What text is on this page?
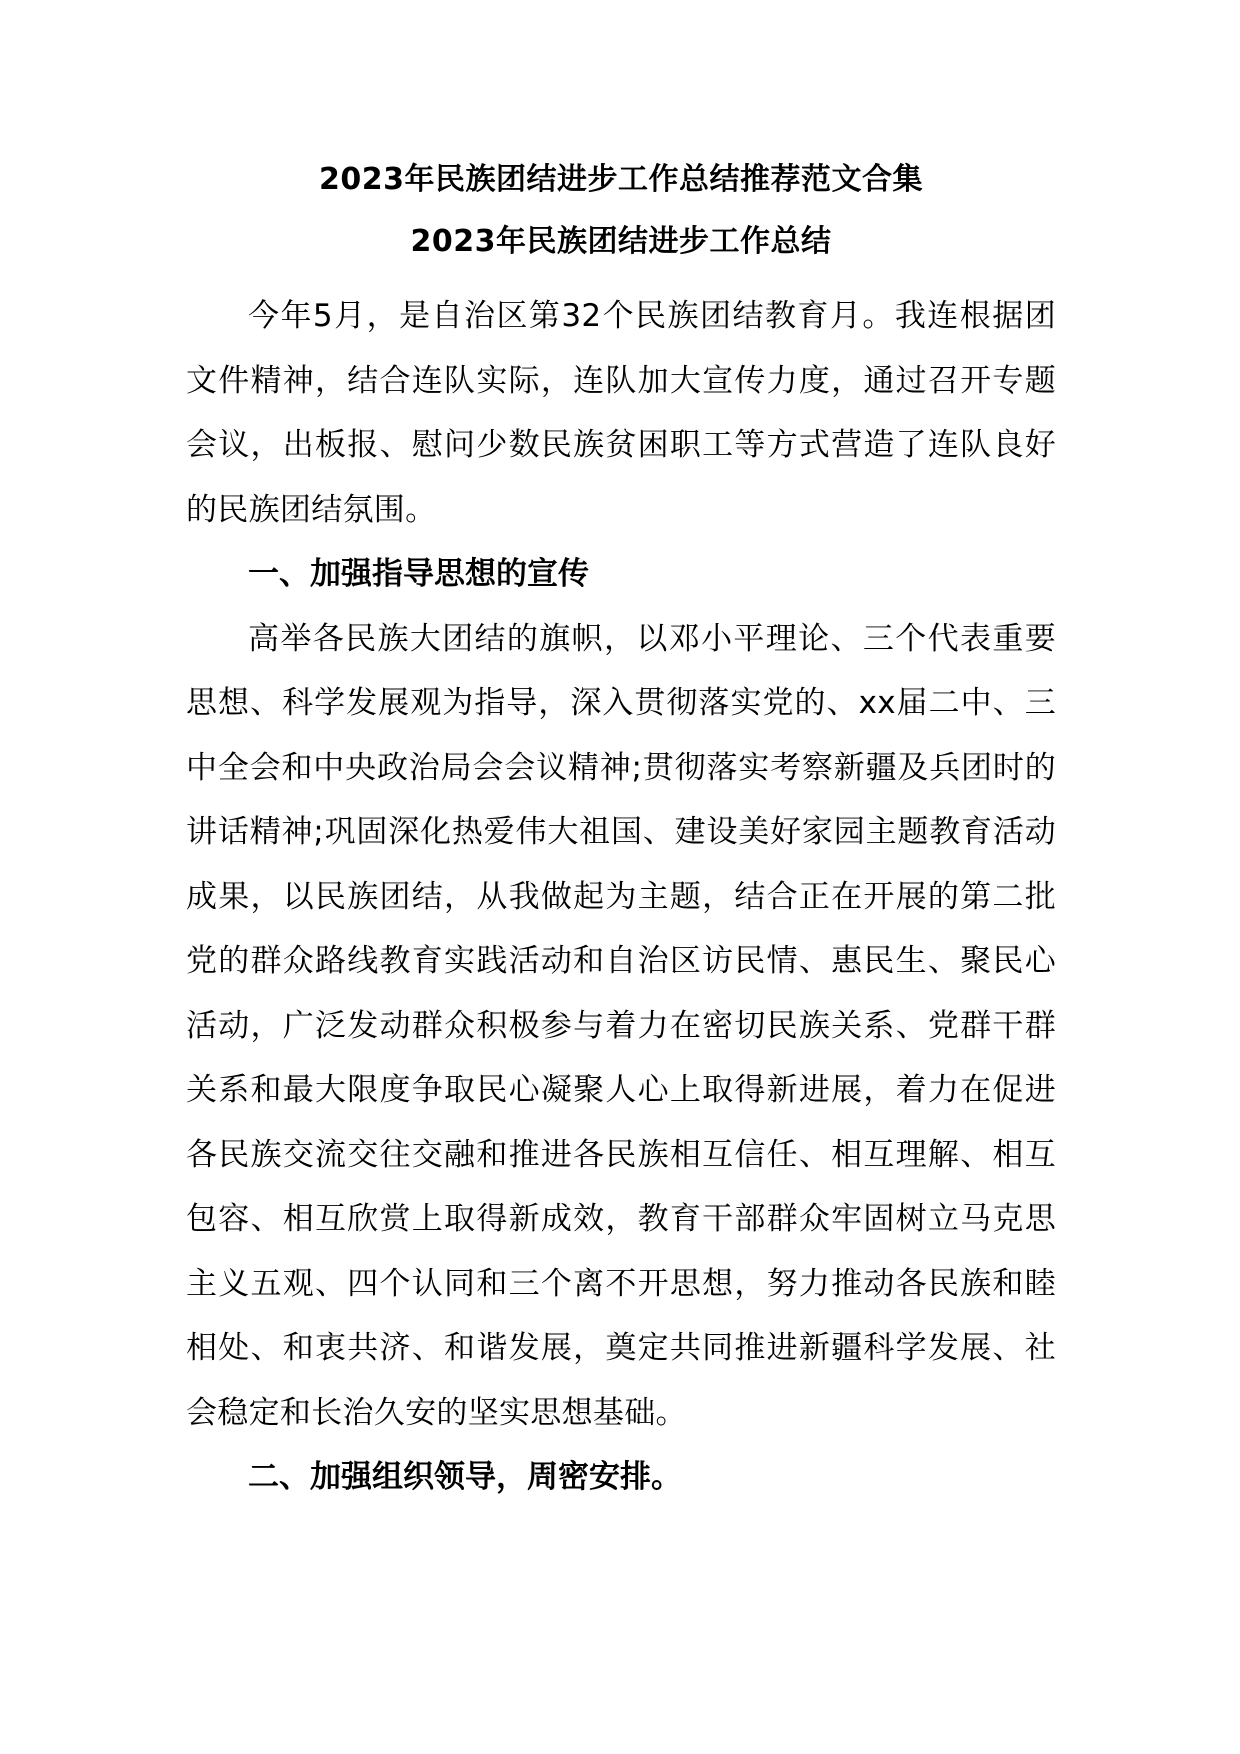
2023年民族团结进步工作总结推荐范文合集
2023年民族团结进步工作总结

今年5月，是自治区第32个民族团结教育月。我连根据团文件精神，结合连队实际，连队加大宣传力度，通过召开专题会议，出板报、慰问少数民族贫困职工等方式营造了连队良好的民族团结氛围。

一、加强指导思想的宣传

高举各民族大团结的旗帜，以邓小平理论、三个代表重要思想、科学发展观为指导，深入贯彻落实党的、xx届二中、三中全会和中央政治局会会议精神;贯彻落实考察新疆及兵团时的讲话精神;巩固深化热爱伟大祖国、建设美好家园主题教育活动成果，以民族团结，从我做起为主题，结合正在开展的第二批党的群众路线教育实践活动和自治区访民情、惠民生、聚民心活动，广泛发动群众积极参与着力在密切民族关系、党群干群关系和最大限度争取民心凝聚人心上取得新进展，着力在促进各民族交流交往交融和推进各民族相互信任、相互理解、相互包容、相互欣赏上取得新成效，教育干部群众牢固树立马克思主义五观、四个认同和三个离不开思想，努力推动各民族和睦相处、和衷共济、和谐发展，奠定共同推进新疆科学发展、社会稳定和长治久安的坚实思想基础。

二、加强组织领导，周密安排。
